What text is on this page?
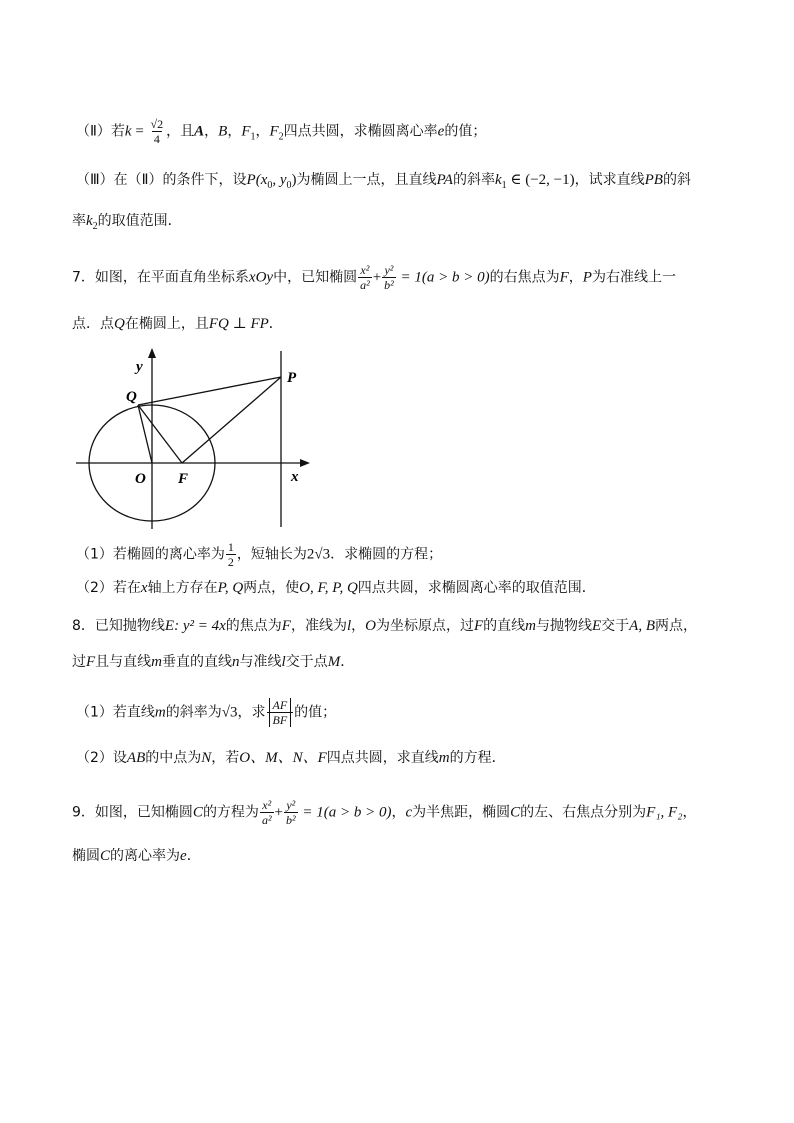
（Ⅱ）若$k = \frac{√2}{4}$ ，且A，B，$F_1$，$F_2$四点共圆，求椭圆离心率e的值；
（Ⅲ）在（Ⅱ）的条件下，设$P(x_0$, $y_0$)为椭圆上一点，且直线PA的斜率$k_1$ ∈ (−2, −1)，试求直线PB的斜
率$k_2$的取值范围．
7．如图，在平面直角坐标系xOy中，已知椭圆 $\frac{\text{x²}}{\text{a²}} + \frac{\text{y²}}{\text{b²}} = 1(a > b > 0)$的右焦点为F，P为右准线上一
点．点Q在椭圆上，且FQ ⊥ FP．
y
x
Q
P
O F
（1）若椭圆的离心率为 $\frac{1}{2}$ ，短轴长为2√3．求椭圆的方程；
（2）若在x轴上方存在P, Q两点，使O, F, P, Q四点共圆，求椭圆离心率的取值范围．
8．已知抛物线E: y² = 4x的焦点为F，准线为l，O为坐标原点，过F的直线m与抛物线E交于A, B两点，
过F且与直线m垂直的直线n与准线l交于点M．
（1）若直线m的斜率为√3，求 $\frac{AF}{BF}$ 的值；
（2）设AB的中点为N，若O、M、N、F四点共圆，求直线m的方程．
9．如图，已知椭圆C的方程为 $\frac{\text{x²}}{\text{a²}} + \frac{\text{y²}}{\text{b²}} = 1(a > b > 0)$，c为半焦距，椭圆C的左、右焦点分别为F₁, F₂，
椭圆C的离心率为e．
